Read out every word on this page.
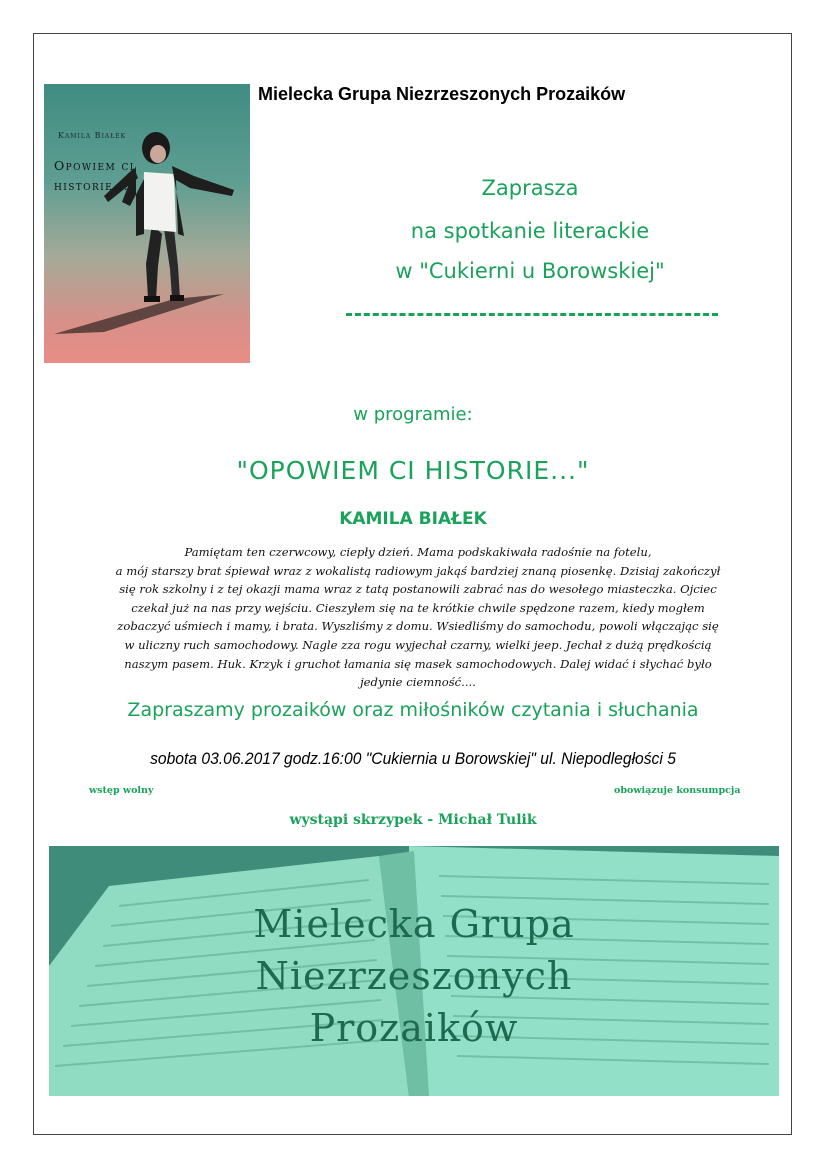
Kamila Białek
Opowiem ci
historie...
Mielecka Grupa Niezrzeszonych Prozaików
Zaprasza
na spotkanie literackie
w "Cukierni u Borowskiej"
w programie:
"OPOWIEM CI HISTORIE..."
KAMILA BIAŁEK
Pamiętam ten czerwcowy, ciepły dzień. Mama podskakiwała radośnie na fotelu,
a mój starszy brat śpiewał wraz z wokalistą radiowym jakąś bardziej znaną piosenkę. Dzisiaj zakończył
się rok szkolny i z tej okazji mama wraz z tatą postanowili zabrać nas do wesołego miasteczka. Ojciec
czekał już na nas przy wejściu. Cieszyłem się na te krótkie chwile spędzone razem, kiedy mogłem
zobaczyć uśmiech i mamy, i brata. Wyszliśmy z domu. Wsiedliśmy do samochodu, powoli włączając się
w uliczny ruch samochodowy. Nagle zza rogu wyjechał czarny, wielki jeep. Jechał z dużą prędkością
naszym pasem. Huk. Krzyk i gruchot łamania się masek samochodowych. Dalej widać i słychać było
jedynie ciemność....
Zapraszamy prozaików oraz miłośników czytania i słuchania
sobota 03.06.2017 godz.16:00 "Cukiernia u Borowskiej" ul. Niepodległości 5
wstęp wolny	obowiązuje konsumpcja
wystąpi skrzypek - Michał Tulik
Mielecka Grupa
Niezrzeszonych
Prozaików
